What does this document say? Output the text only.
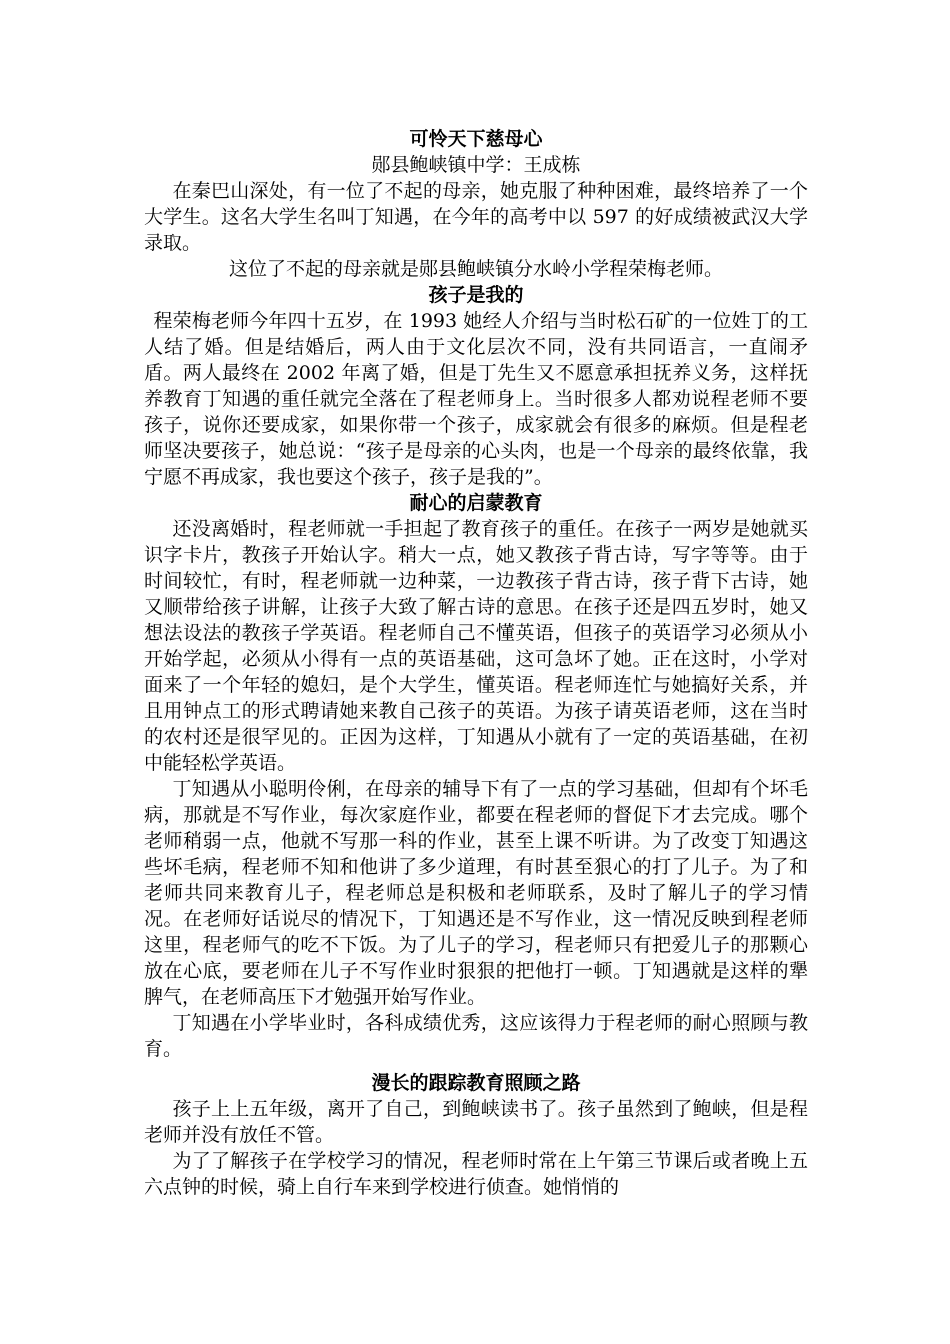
可怜天下慈母心

郧县鲍峡镇中学：王成栋

在秦巴山深处，有一位了不起的母亲，她克服了种种困难，最终培养了一个大学生。这名大学生名叫丁知遇，在今年的高考中以 597 的好成绩被武汉大学录取。

这位了不起的母亲就是郧县鲍峡镇分水岭小学程荣梅老师。

孩子是我的

程荣梅老师今年四十五岁，在 1993 她经人介绍与当时松石矿的一位姓丁的工人结了婚。但是结婚后，两人由于文化层次不同，没有共同语言，一直闹矛盾。两人最终在 2002 年离了婚，但是丁先生又不愿意承担抚养义务，这样抚养教育丁知遇的重任就完全落在了程老师身上。当时很多人都劝说程老师不要孩子，说你还要成家，如果你带一个孩子，成家就会有很多的麻烦。但是程老师坚决要孩子，她总说：“孩子是母亲的心头肉，也是一个母亲的最终依靠，我宁愿不再成家，我也要这个孩子，孩子是我的”。

耐心的启蒙教育

还没离婚时，程老师就一手担起了教育孩子的重任。在孩子一两岁是她就买识字卡片，教孩子开始认字。稍大一点，她又教孩子背古诗，写字等等。由于时间较忙，有时，程老师就一边种菜，一边教孩子背古诗，孩子背下古诗，她又顺带给孩子讲解，让孩子大致了解古诗的意思。在孩子还是四五岁时，她又想法设法的教孩子学英语。程老师自己不懂英语，但孩子的英语学习必须从小开始学起，必须从小得有一点的英语基础，这可急坏了她。正在这时，小学对面来了一个年轻的媳妇，是个大学生，懂英语。程老师连忙与她搞好关系，并且用钟点工的形式聘请她来教自己孩子的英语。为孩子请英语老师，这在当时的农村还是很罕见的。正因为这样，丁知遇从小就有了一定的英语基础，在初中能轻松学英语。

丁知遇从小聪明伶俐，在母亲的辅导下有了一点的学习基础，但却有个坏毛病，那就是不写作业，每次家庭作业，都要在程老师的督促下才去完成。哪个老师稍弱一点，他就不写那一科的作业，甚至上课不听讲。为了改变丁知遇这些坏毛病，程老师不知和他讲了多少道理，有时甚至狠心的打了儿子。为了和老师共同来教育儿子，程老师总是积极和老师联系，及时了解儿子的学习情况。在老师好话说尽的情况下，丁知遇还是不写作业，这一情况反映到程老师这里，程老师气的吃不下饭。为了儿子的学习，程老师只有把爱儿子的那颗心放在心底，要老师在儿子不写作业时狠狠的把他打一顿。丁知遇就是这样的犟脾气，在老师高压下才勉强开始写作业。

丁知遇在小学毕业时，各科成绩优秀，这应该得力于程老师的耐心照顾与教育。

漫长的跟踪教育照顾之路

孩子上上五年级，离开了自己，到鲍峡读书了。孩子虽然到了鲍峡，但是程老师并没有放任不管。

为了了解孩子在学校学习的情况，程老师时常在上午第三节课后或者晚上五六点钟的时候，骑上自行车来到学校进行侦查。她悄悄的
